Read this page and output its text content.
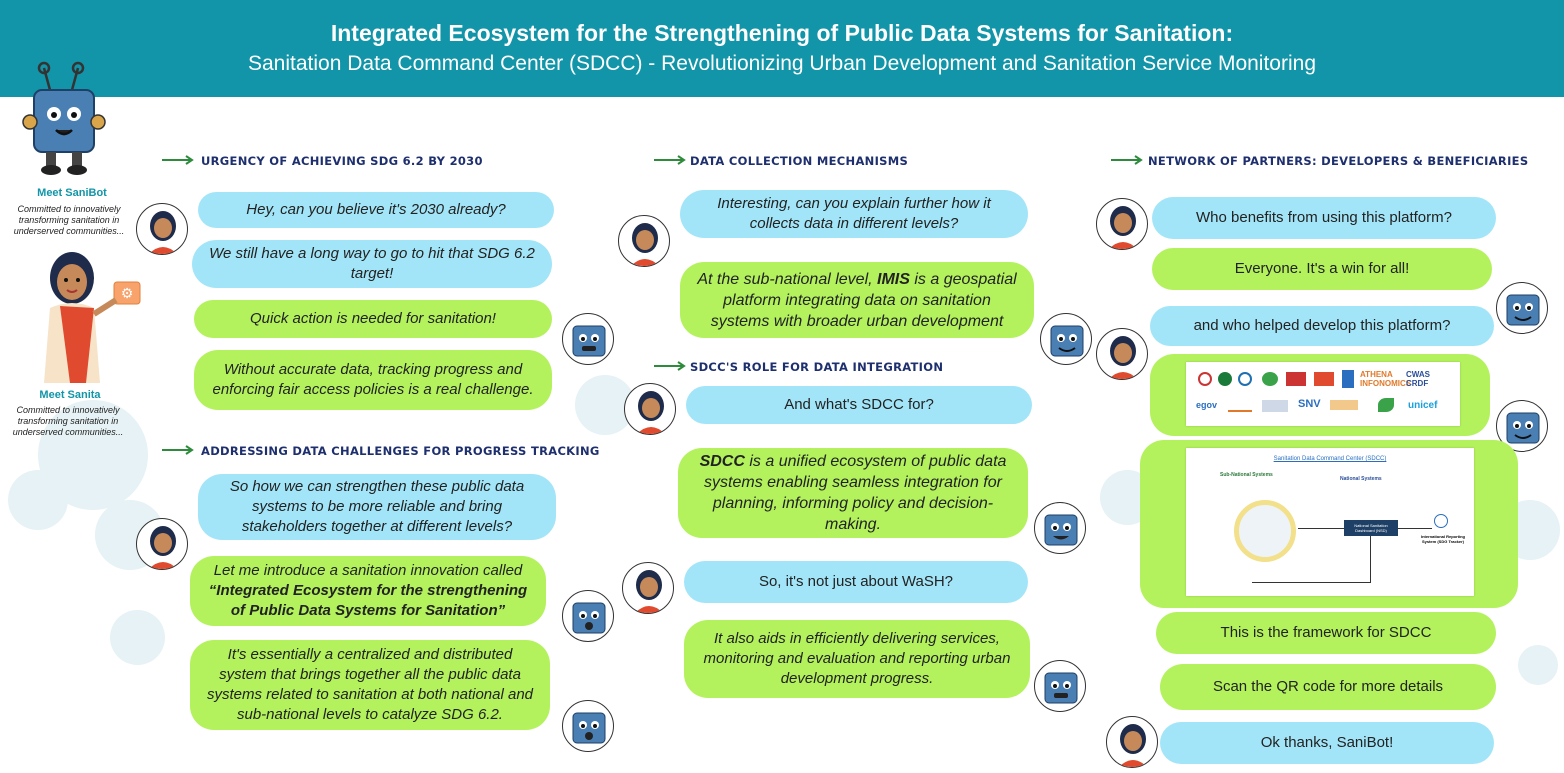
Integrated Ecosystem for the Strengthening of Public Data Systems for Sanitation:
Sanitation Data Command Center (SDCC) - Revolutionizing Urban Development and Sanitation Service Monitoring
Meet SaniBot
Committed to innovatively transforming sanitation in underserved communities...
⚙
Meet Sanita
Committed to innovatively transforming sanitation in underserved communities...
URGENCY OF ACHIEVING SDG 6.2 BY 2030
ADDRESSING DATA CHALLENGES FOR PROGRESS TRACKING
DATA COLLECTION MECHANISMS
SDCC'S ROLE FOR DATA INTEGRATION
NETWORK OF PARTNERS: DEVELOPERS & BENEFICIARIES
Hey, can you believe it's 2030 already?
We still have a long way to go to hit that SDG 6.2 target!
Quick action is needed for sanitation!
Without accurate data, tracking progress and enforcing fair access policies is a real challenge.
So how we can strengthen these public data systems to be more reliable and bring stakeholders together at different levels?
Let me introduce a sanitation innovation called
“Integrated Ecosystem for the strengthening of Public Data Systems for Sanitation”
It's essentially a centralized and distributed system that brings together all the public data systems related to sanitation at both national and sub-national levels to catalyze SDG 6.2.
Interesting, can you explain further how it collects data in different levels?
At the sub-national level, IMIS is a geospatial platform integrating data on sanitation systems with broader urban development
And what's SDCC for?
SDCC is a unified ecosystem of public data systems enabling seamless integration for planning, informing policy and decision-making.
So, it's not just about WaSH?
It also aids in efficiently delivering services, monitoring and evaluation and reporting urban development progress.
Who benefits from using this platform?
Everyone. It's a win for all!
and who helped develop this platform?
ATHENA INFONOMICS
CWAS CRDF
egov	SNV	unicef
Sanitation Data Command Center (SDCC)
Sub-National Systems
National Systems
National Sanitation Dashboard (NSD)
International Reporting System (SDG Tracker)
This is the framework for SDCC
Scan the QR code for more details
Ok thanks, SaniBot!
